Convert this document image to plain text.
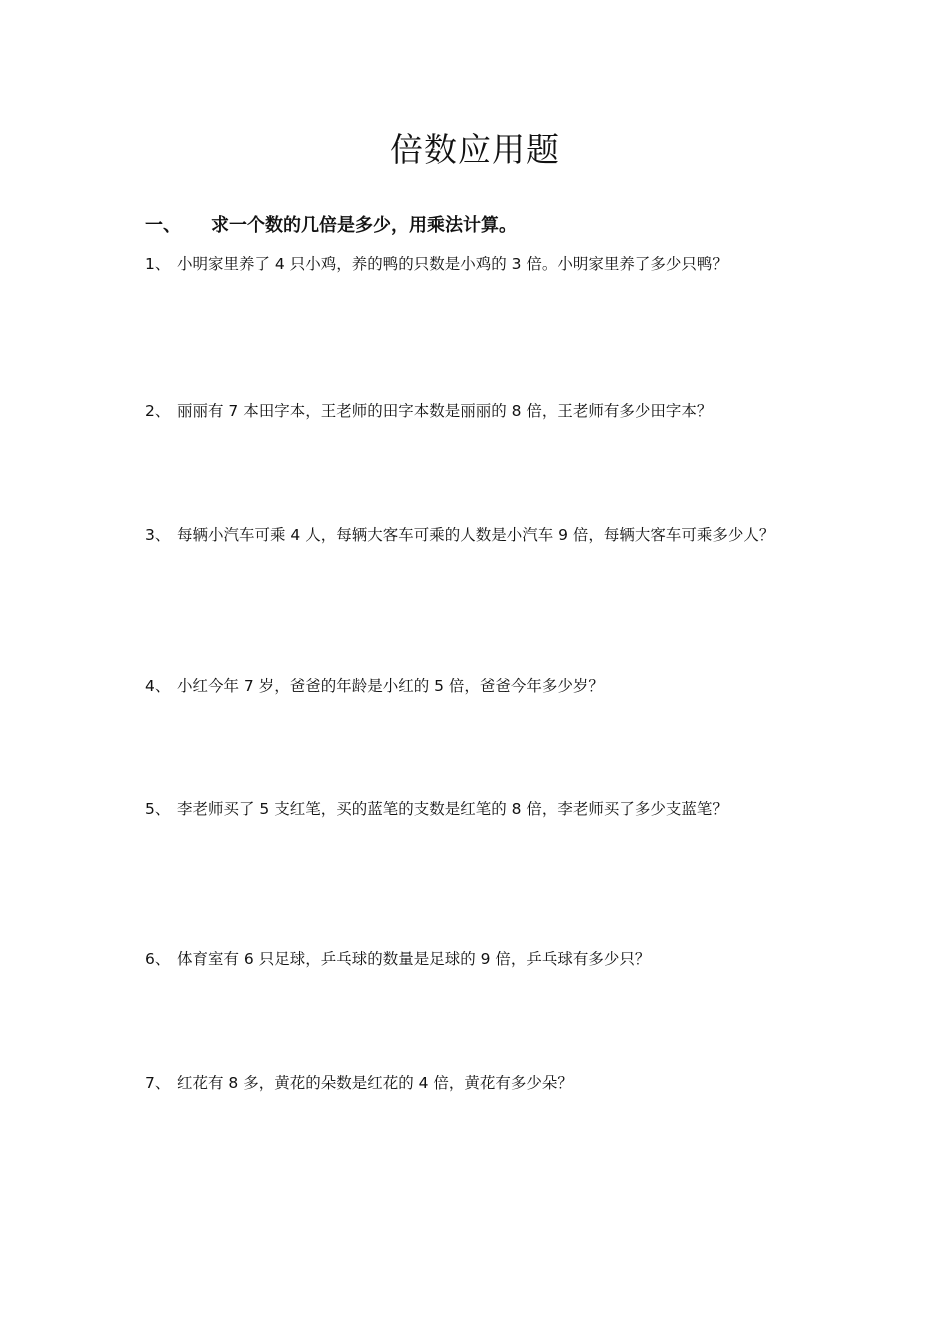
倍数应用题
一、 求一个数的几倍是多少，用乘法计算。
1、 小明家里养了 4 只小鸡，养的鸭的只数是小鸡的 3 倍。小明家里养了多少只鸭？
2、 丽丽有 7 本田字本，王老师的田字本数是丽丽的 8 倍，王老师有多少田字本？
3、 每辆小汽车可乘 4 人，每辆大客车可乘的人数是小汽车 9 倍，每辆大客车可乘多少人？
4、 小红今年 7 岁，爸爸的年龄是小红的 5 倍，爸爸今年多少岁？
5、 李老师买了 5 支红笔，买的蓝笔的支数是红笔的 8 倍，李老师买了多少支蓝笔？
6、 体育室有 6 只足球，乒乓球的数量是足球的 9 倍，乒乓球有多少只？
7、 红花有 8 多，黄花的朵数是红花的 4 倍，黄花有多少朵？
